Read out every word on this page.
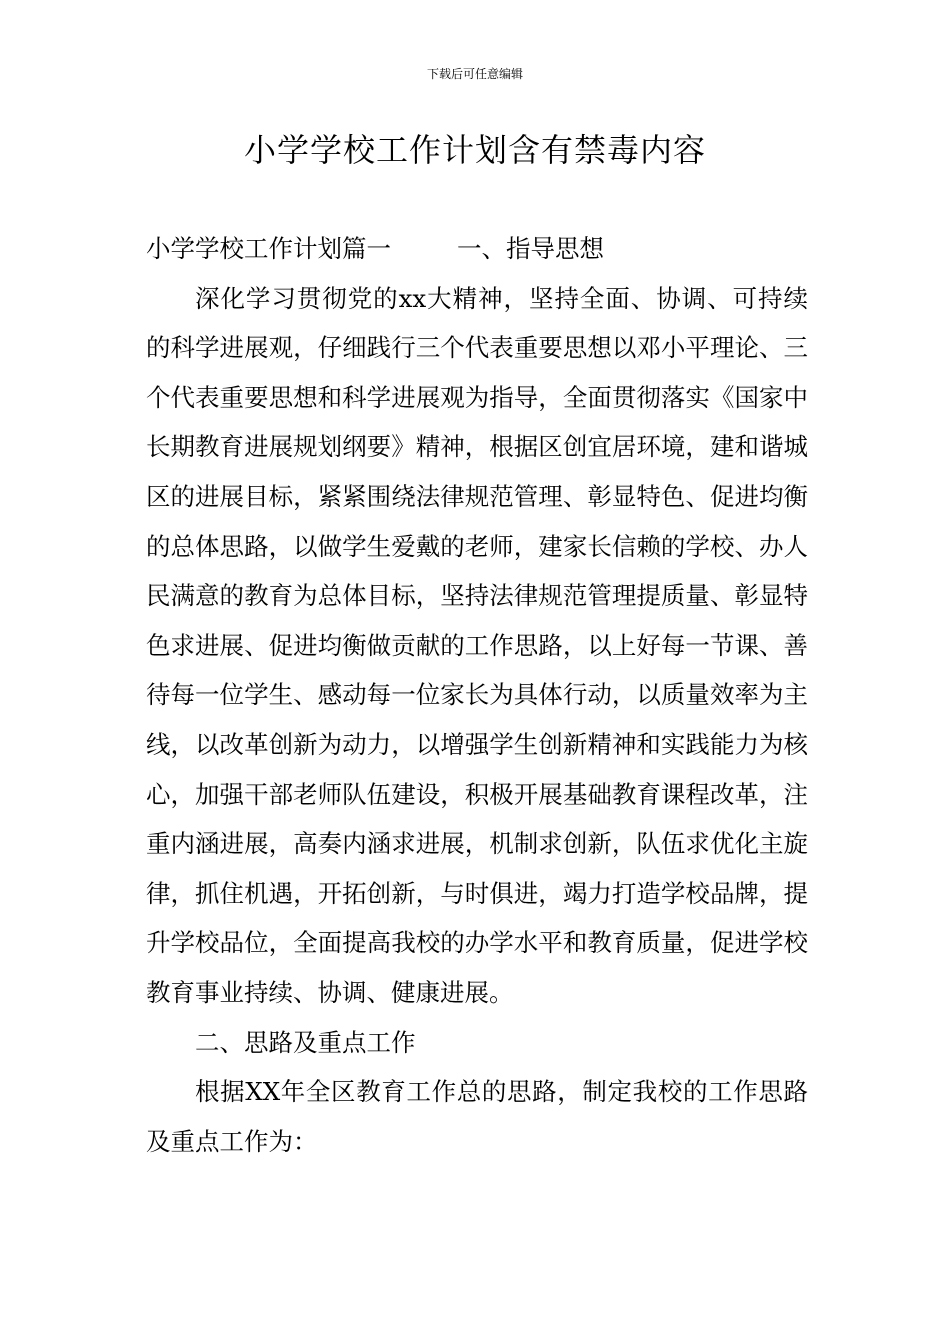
下载后可任意编辑
小学学校工作计划含有禁毒内容

小学学校工作计划篇一	一、指导思想

深化学习贯彻党的xx大精神，坚持全面、协调、可持续的科学进展观，仔细践行三个代表重要思想以邓小平理论、三个代表重要思想和科学进展观为指导，全面贯彻落实《国家中长期教育进展规划纲要》精神，根据区创宜居环境，建和谐城区的进展目标，紧紧围绕法律规范管理、彰显特色、促进均衡的总体思路，以做学生爱戴的老师，建家长信赖的学校、办人民满意的教育为总体目标，坚持法律规范管理提质量、彰显特色求进展、促进均衡做贡献的工作思路，以上好每一节课、善待每一位学生、感动每一位家长为具体行动，以质量效率为主线，以改革创新为动力，以增强学生创新精神和实践能力为核心，加强干部老师队伍建设，积极开展基础教育课程改革，注重内涵进展，高奏内涵求进展，机制求创新，队伍求优化主旋律，抓住机遇，开拓创新，与时俱进，竭力打造学校品牌，提升学校品位，全面提高我校的办学水平和教育质量，促进学校教育事业持续、协调、健康进展。

二、思路及重点工作

根据XX年全区教育工作总的思路，制定我校的工作思路及重点工作为：
